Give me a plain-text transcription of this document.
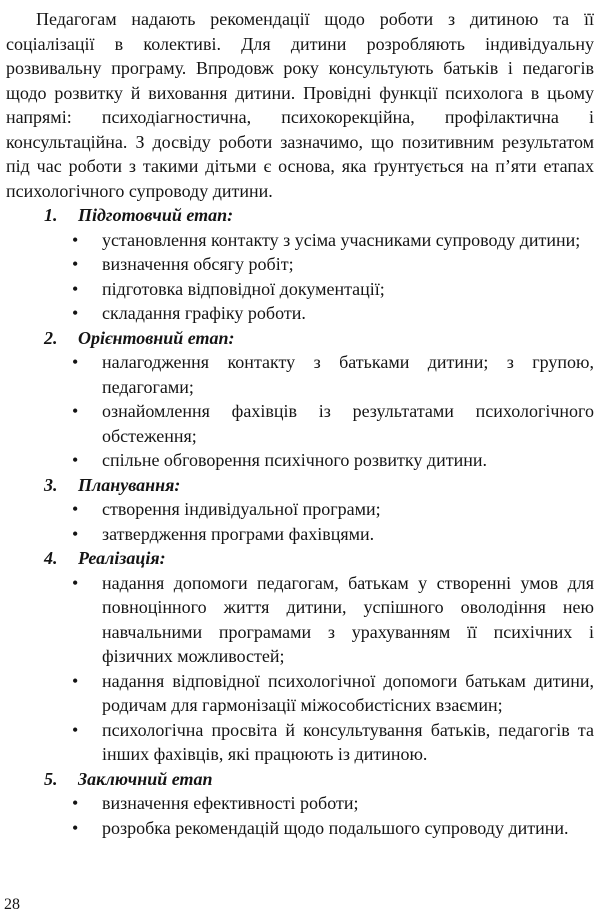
Педагогам надають рекомендації щодо роботи з дитиною та її соціалізації в колективі. Для дитини розробляють індивідуальну розвивальну програму. Впродовж року консультують батьків і педагогів щодо розвитку й виховання дитини. Провідні функції психолога в цьому напрямі: психодіагностична, психокорекційна, профілактична і консультаційна. З досвіду роботи зазначимо, що позитивним результатом під час роботи з такими дітьми є основа, яка ґрунтується на п’яти етапах психологічного супроводу дитини.

1.	Підготовчий етап:

• установлення контакту з усіма учасниками супроводу дитини;
• визначення обсягу робіт;
• підготовка відповідної документації;
• складання графіку роботи.

2.	Орієнтовний етап:

• налагодження контакту з батьками дитини; з групою, педагогами;
• ознайомлення фахівців із результатами психологічного обстеження;
• спільне обговорення психічного розвитку дитини.

3.	Планування:

• створення індивідуальної програми;
• затвердження програми фахівцями.

4.	Реалізація:

• надання допомоги педагогам, батькам у створенні умов для повноцінного життя дитини, успішного оволодіння нею навчальними програмами з урахуванням її психічних і фізичних можливостей;
• надання відповідної психологічної допомоги батькам дитини, родичам для гармонізації міжособистісних взаємин;
• психологічна просвіта й консультування батьків, педагогів та інших фахівців, які працюють із дитиною.

5.	Заключний етап

• визначення ефективності роботи;
• розробка рекомендацій щодо подальшого супроводу дитини.
28
